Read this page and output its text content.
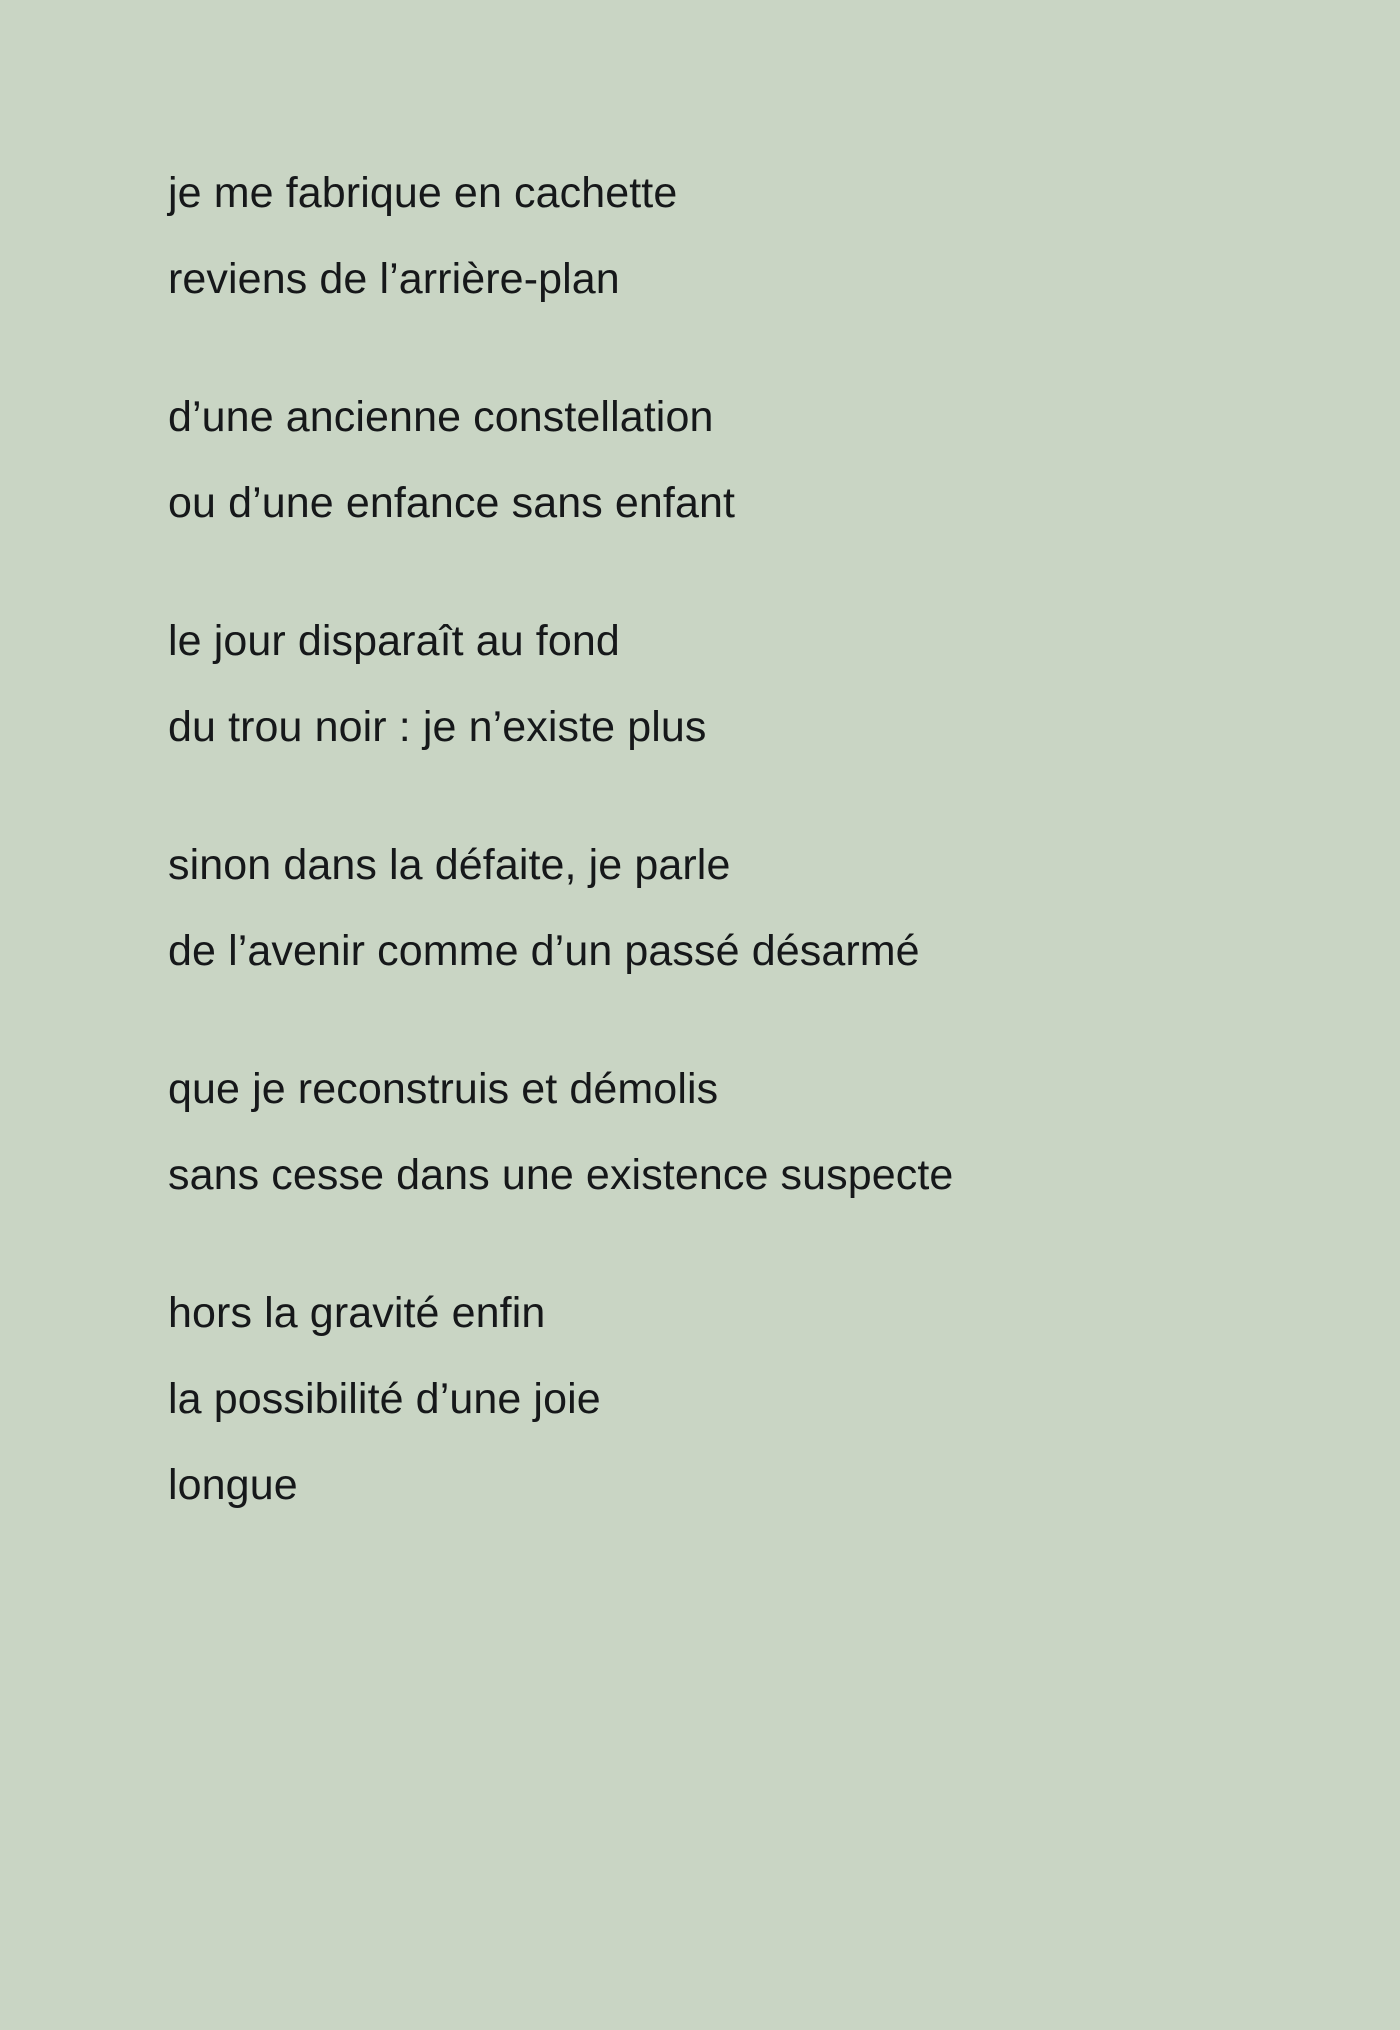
je me fabrique en cachette
reviens de l’arrière-plan
d’une ancienne constellation
ou d’une enfance sans enfant
le jour disparaît au fond
du trou noir : je n’existe plus
sinon dans la défaite, je parle
de l’avenir comme d’un passé désarmé
que je reconstruis et démolis
sans cesse dans une existence suspecte
hors la gravité enfin
la possibilité d’une joie
longue
